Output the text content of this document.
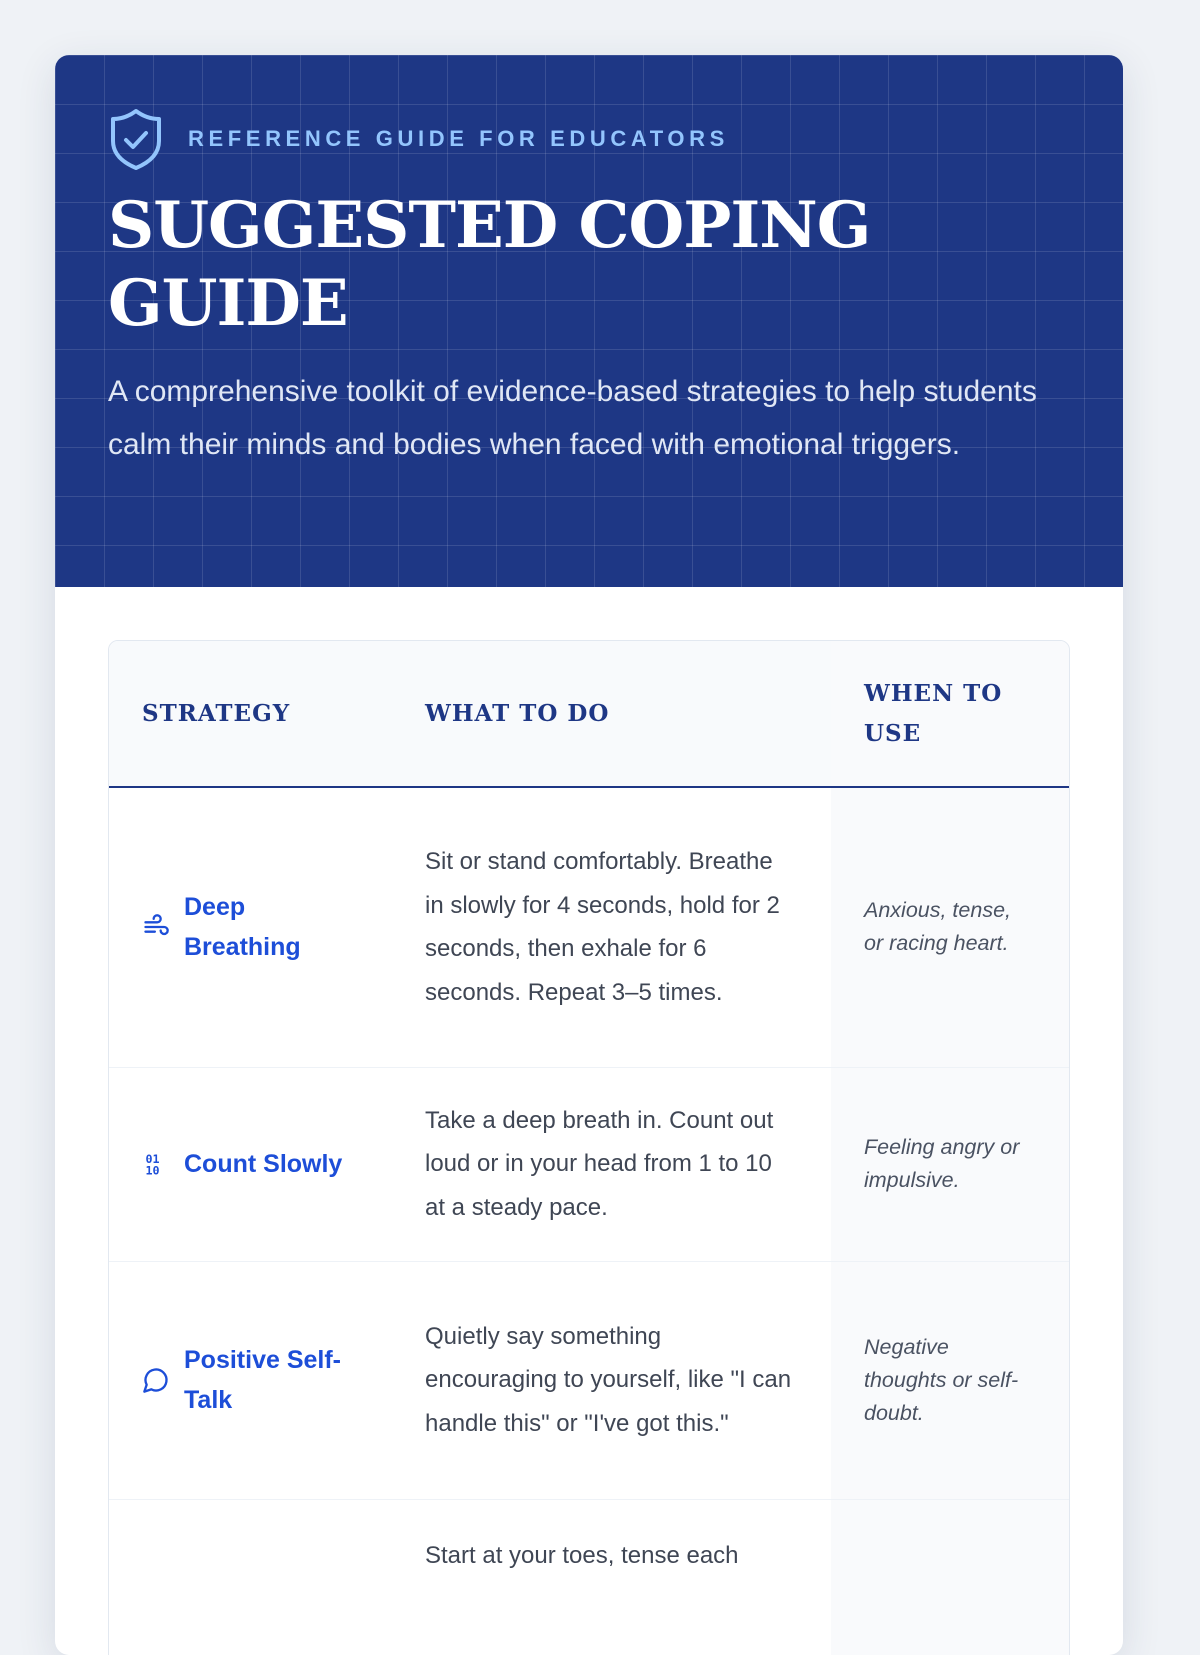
REFERENCE GUIDE FOR EDUCATORS
SUGGESTED COPING GUIDE

A comprehensive toolkit of evidence-based strategies to help students calm their minds and bodies when faced with emotional triggers.

STRATEGY	WHAT TO DO	WHEN TO USE

Deep Breathing	Sit or stand comfortably. Breathe in slowly for 4 seconds, hold for 2 seconds, then exhale for 6 seconds. Repeat 3–5 times.	Anxious, tense, or racing heart.

01
10 Count Slowly	Take a deep breath in. Count out loud or in your head from 1 to 10 at a steady pace.	Feeling angry or impulsive.

Positive Self-Talk	Quietly say something encouraging to yourself, like "I can handle this" or "I've got this."	Negative thoughts or self-doubt.
	Start at your toes, tense each	
